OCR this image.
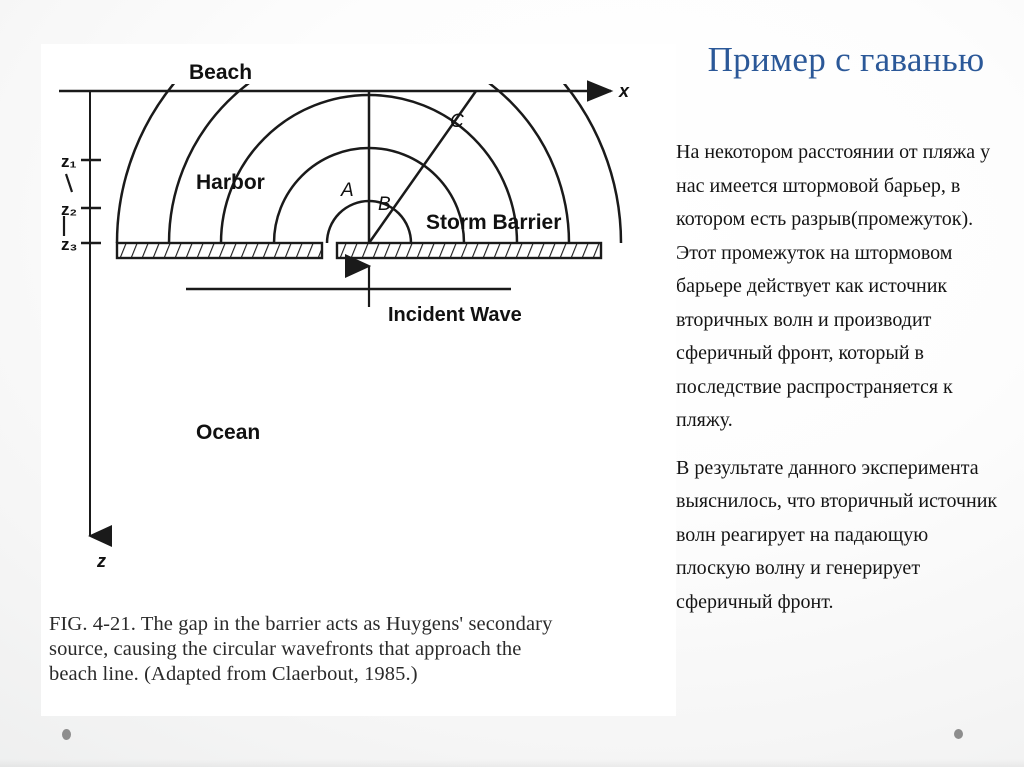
Beach
Harbor
Storm Barrier
Incident Wave
Ocean
x
z
z₁
z₂
z₃
A
B
C
FIG. 4-21. The gap in the barrier acts as Huygens' secondary
source, causing the circular wavefronts that approach the
beach line. (Adapted from Claerbout, 1985.)
Пример с гаванью

На некотором расстоянии от пляжа у нас имеется штормовой барьер, в котором есть разрыв(промежуток). Этот промежуток на штормовом барьере действует как источник вторичных волн и производит сферичный фронт, который в последствие распространяется к пляжу.

В результате данного эксперимента выяснилось, что вторичный источник волн реагирует на падающую плоскую волну и генерирует сферичный фронт.
